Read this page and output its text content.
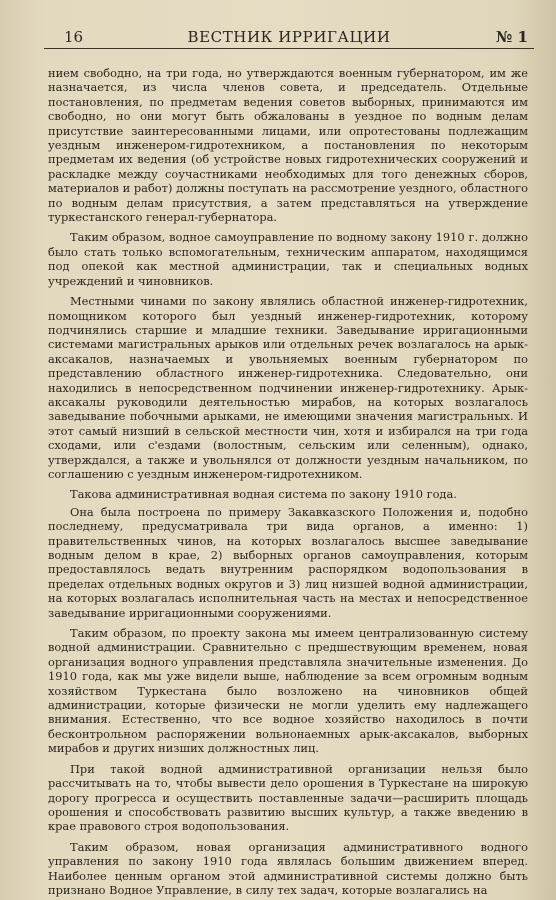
16	ВЕСТНИК ИРРИГАЦИИ	№ 1

нием свободно, на три года, но утверждаются военным губернатором, им же назначается, из числа членов совета, и председатель. Отдельные постановления, по предметам ведения советов выборных, принимаются им свободно, но они могут быть обжалованы в уездное по водным делам присутствие заинтересованными лицами, или опротестованы подлежащим уездным инженером-гидротехником, а постановления по некоторым предметам их ведения (об устройстве новых гидротехнических сооружений и раскладке между соучастниками необходимых для того денежных сборов, материалов и работ) должны поступать на рассмотрение уездного, областного по водным делам присутствия, а затем представляться на утверждение туркестанского генерал-губернатора.

Таким образом, водное самоуправление по водному закону 1910 г. должно было стать только вспомогательным, техническим аппаратом, находящимся под опекой как местной администрации, так и специальных водных учреждений и чиновников.

Местными чинами по закону являлись областной инженер-гидротехник, помощником которого был уездный инженер-гидротехник, которому подчинялись старшие и младшие техники. Заведывание ирригационными системами магистральных арыков или отдельных речек возлагалось на арык-аксакалов, назначаемых и увольняемых военным губернатором по представлению областного инженер-гидротехника. Следовательно, они находились в непосредственном подчинении инженер-гидротехнику. Арык-аксакалы руководили деятельностью мирабов, на которых возлагалось заведывание побочными арыками, не имеющими значения магистральных. И этот самый низший в сельской местности чин, хотя и избирался на три года сходами, или с'ездами (волостным, сельским или селенным), однако, утверждался, а также и увольнялся от должности уездным начальником, по соглашению с уездным инженером-гидротехником.

Такова административная водная система по закону 1910 года.

Она была построена по примеру Закавказского Положения и, подобно последнему, предусматривала три вида органов, а именно: 1) правительственных чинов, на которых возлагалось высшее заведывание водным делом в крае, 2) выборных органов самоуправления, которым предоставлялось ведать внутренним распорядком водопользования в пределах отдельных водных округов и 3) лиц низшей водной администрации, на которых возлагалась исполнительная часть на местах и непосредственное заведывание ирригационными сооружениями.

Таким образом, по проекту закона мы имеем централизованную систему водной администрации. Сравнительно с предшествующим временем, новая организация водного управления представляла значительные изменения. До 1910 года, как мы уже видели выше, наблюдение за всем огромным водным хозяйством Туркестана было возложено на чиновников общей администрации, которые физически не могли уделить ему надлежащего внимания. Естественно, что все водное хозяйство находилось в почти бесконтрольном распоряжении вольнонаемных арык-аксакалов, выборных мирабов и других низших должностных лиц.

При такой водной административной организации нельзя было рассчитывать на то, чтобы вывести дело орошения в Туркестане на широкую дорогу прогресса и осуществить поставленные задачи—расширить площадь орошения и способствовать развитию высших культур, а также введению в крае правового строя водопользования.

Таким образом, новая организация административного водного управления по закону 1910 года являлась большим движением вперед. Наиболее ценным органом этой административной системы должно быть признано Водное Управление, в силу тех задач, которые возлагались на
